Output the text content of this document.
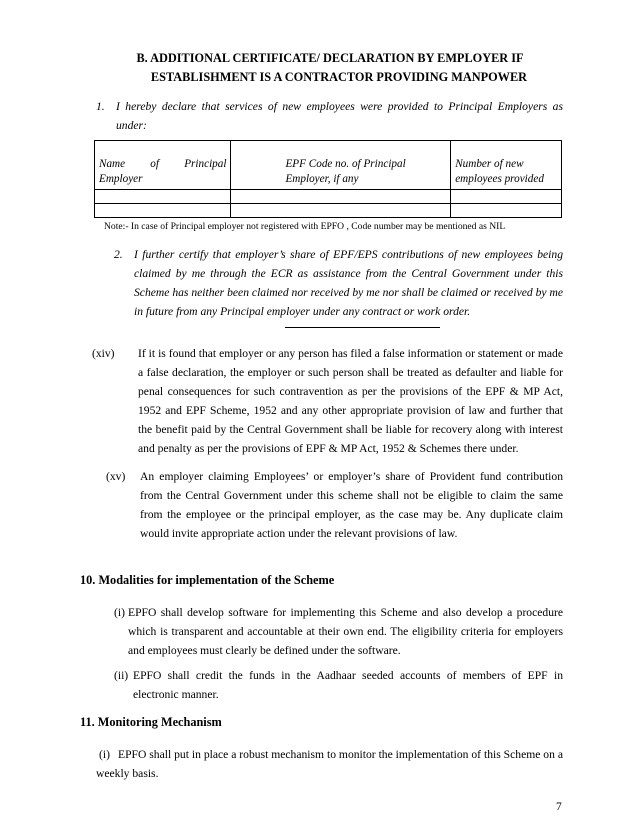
B. ADDITIONAL CERTIFICATE/ DECLARATION BY EMPLOYER IF
ESTABLISHMENT IS A CONTRACTOR PROVIDING MANPOWER
1. I hereby declare that services of new employees were provided to Principal Employers as under:
Name of Principal Employer	EPF Code no. of Principal Employer, if any	Number of new employees provided

Note:- In case of Principal employer not registered with EPFO , Code number may be mentioned as NIL
2. I further certify that employer’s share of EPF/EPS contributions of new employees being claimed by me through the ECR as assistance from the Central Government under this Scheme has neither been claimed nor received by me nor shall be claimed or received by me in future from any Principal employer under any contract or work order.
(xiv) If it is found that employer or any person has filed a false information or statement or made a false declaration, the employer or such person shall be treated as defaulter and liable for penal consequences for such contravention as per the provisions of the EPF & MP Act, 1952 and EPF Scheme, 1952 and any other appropriate provision of law and further that the benefit paid by the Central Government shall be liable for recovery along with interest and penalty as per the provisions of EPF & MP Act, 1952 & Schemes there under.
(xv) An employer claiming Employees’ or employer’s share of Provident fund contribution from the Central Government under this scheme shall not be eligible to claim the same from the employee or the principal employer, as the case may be. Any duplicate claim would invite appropriate action under the relevant provisions of law.
10. Modalities for implementation of the Scheme
(i) EPFO shall develop software for implementing this Scheme and also develop a procedure which is transparent and accountable at their own end. The eligibility criteria for employers and employees must clearly be defined under the software.
(ii) EPFO shall credit the funds in the Aadhaar seeded accounts of members of EPF in electronic manner.
11. Monitoring Mechanism
(i) EPFO shall put in place a robust mechanism to monitor the implementation of this Scheme on a weekly basis.
7
